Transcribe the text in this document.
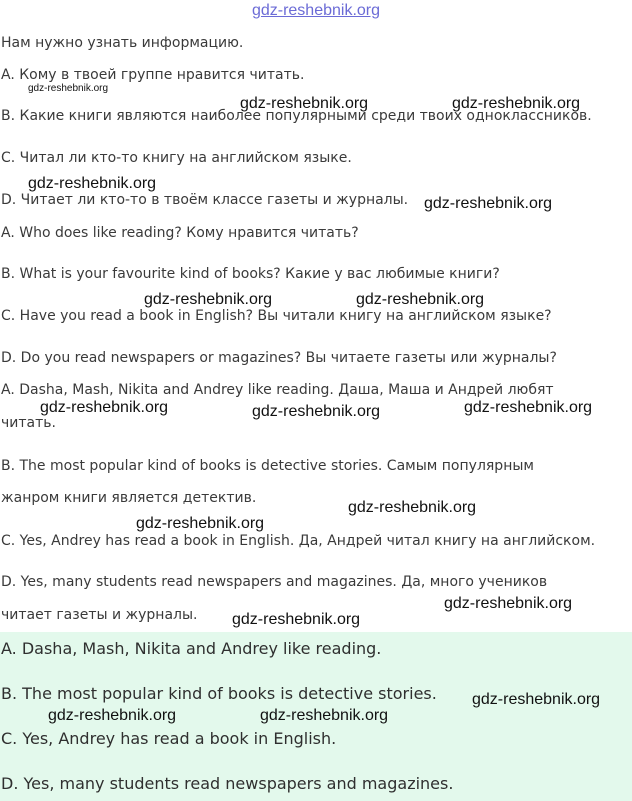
gdz-reshebnik.org
Нам нужно узнать информацию.
A. Кому в твоей группе нравится читать.
B. Какие книги являются наиболее популярными среди твоих одноклассников.
C. Читал ли кто-то книгу на английском языке.
D. Читает ли кто-то в твоём классе газеты и журналы.
A. Who does like reading? Кому нравится читать?
B. What is your favourite kind of books? Какие у вас любимые книги?
C. Have you read a book in English? Вы читали книгу на английском языке?
D. Do you read newspapers or magazines? Вы читаете газеты или журналы?
A. Dasha, Mash, Nikita and Andrey like reading. Даша, Маша и Андрей любят
читать.
B. The most popular kind of books is detective stories. Самым популярным
жанром книги является детектив.
C. Yes, Andrey has read a book in English. Да, Андрей читал книгу на английском.
D. Yes, many students read newspapers and magazines. Да, много учеников
читает газеты и журналы.
A. Dasha, Mash, Nikita and Andrey like reading.
B. The most popular kind of books is detective stories.
C. Yes, Andrey has read a book in English.
D. Yes, many students read newspapers and magazines.
gdz-reshebnik.org
gdz-reshebnik.org	gdz-reshebnik.org
gdz-reshebnik.org
gdz-reshebnik.org
gdz-reshebnik.org	gdz-reshebnik.org
gdz-reshebnik.org	gdz-reshebnik.org	gdz-reshebnik.org
gdz-reshebnik.org
gdz-reshebnik.org
gdz-reshebnik.org
gdz-reshebnik.org
gdz-reshebnik.org
gdz-reshebnik.org	gdz-reshebnik.org
